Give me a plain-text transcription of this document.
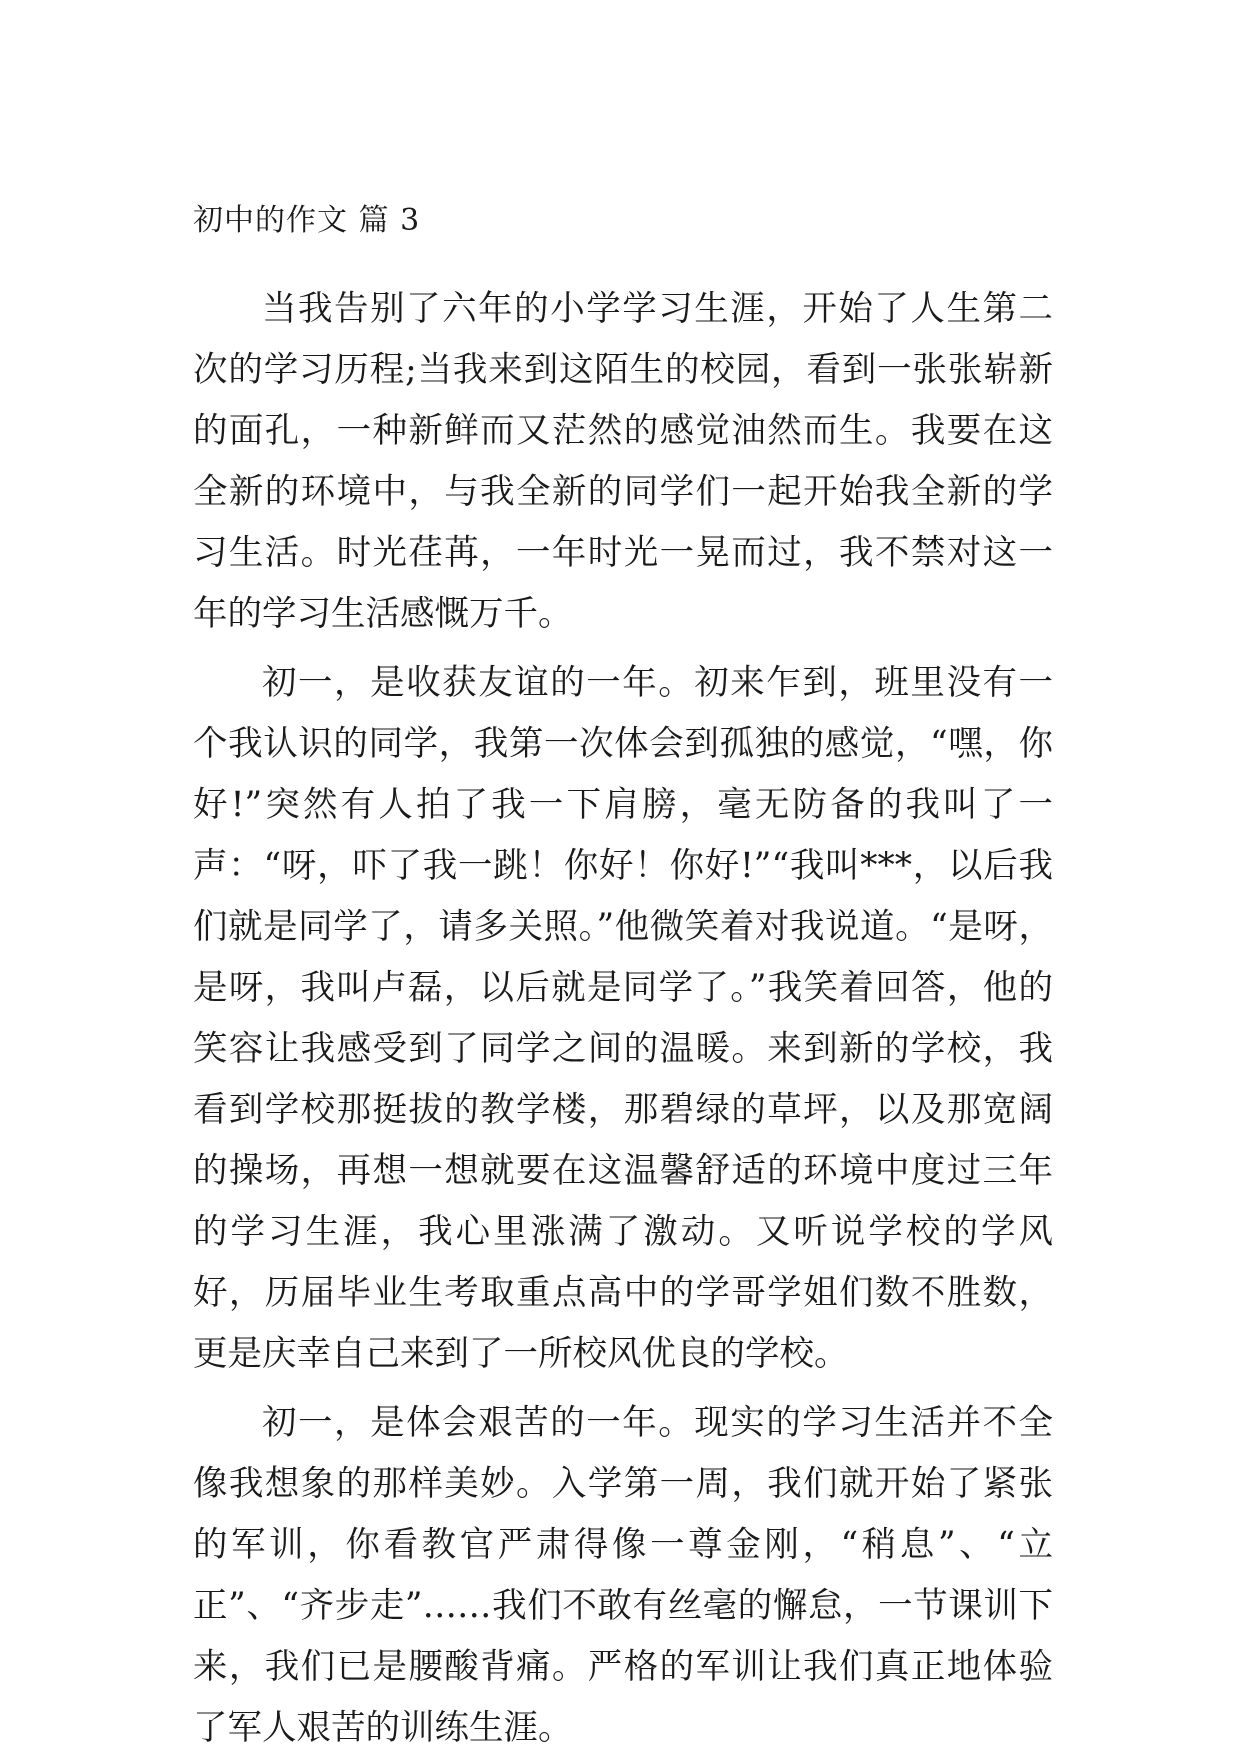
初中的作文 篇 3

当我告别了六年的小学学习生涯，开始了人生第二次的学习历程;当我来到这陌生的校园，看到一张张崭新的面孔，一种新鲜而又茫然的感觉油然而生。我要在这全新的环境中，与我全新的同学们一起开始我全新的学习生活。时光荏苒，一年时光一晃而过，我不禁对这一年的学习生活感慨万千。

初一，是收获友谊的一年。初来乍到，班里没有一个我认识的同学，我第一次体会到孤独的感觉，“嘿，你好!”突然有人拍了我一下肩膀，毫无防备的我叫了一声：“呀，吓了我一跳！你好！你好!”“我叫***，以后我们就是同学了，请多关照。”他微笑着对我说道。“是呀，是呀，我叫卢磊，以后就是同学了。”我笑着回答，他的笑容让我感受到了同学之间的温暖。来到新的学校，我看到学校那挺拔的教学楼，那碧绿的草坪，以及那宽阔的操场，再想一想就要在这温馨舒适的环境中度过三年的学习生涯，我心里涨满了激动。又听说学校的学风好，历届毕业生考取重点高中的学哥学姐们数不胜数，更是庆幸自己来到了一所校风优良的学校。

初一，是体会艰苦的一年。现实的学习生活并不全像我想象的那样美妙。入学第一周，我们就开始了紧张的军训，你看教官严肃得像一尊金刚，“稍息”、“立正”、“齐步走”……我们不敢有丝毫的懈怠，一节课训下来，我们已是腰酸背痛。严格的军训让我们真正地体验了军人艰苦的训练生涯。
